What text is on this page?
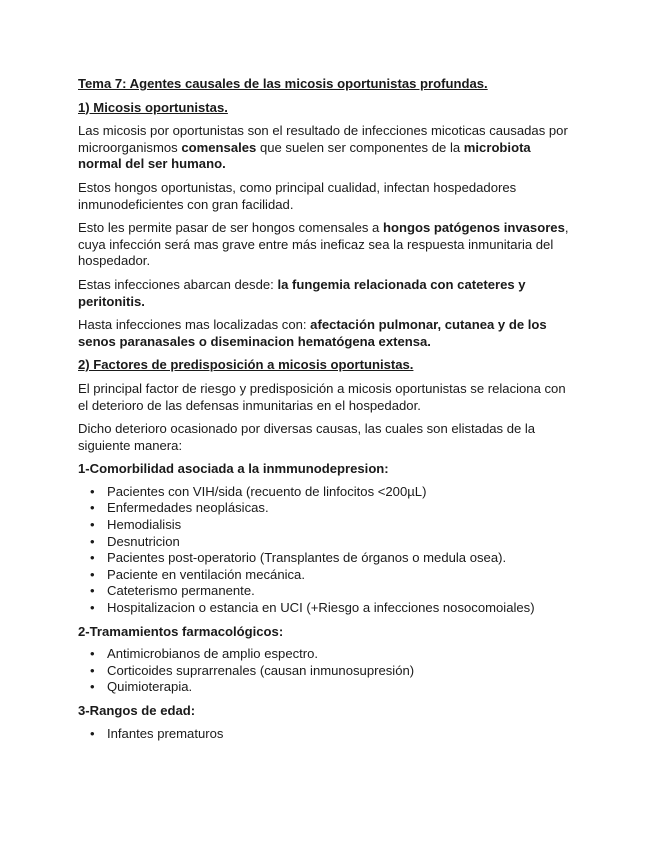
Tema 7: Agentes causales de las micosis oportunistas profundas.
1) Micosis oportunistas.

Las micosis por oportunistas son el resultado de infecciones micoticas causadas por microorganismos comensales que suelen ser componentes de la microbiota normal del ser humano.

Estos hongos oportunistas, como principal cualidad, infectan hospedadores inmunodeficientes con gran facilidad.

Esto les permite pasar de ser hongos comensales a hongos patógenos invasores, cuya infección será mas grave entre más ineficaz sea la respuesta inmunitaria del hospedador.

Estas infecciones abarcan desde: la fungemia relacionada con cateteres y peritonitis.

Hasta infecciones mas localizadas con: afectación pulmonar, cutanea y de los senos paranasales o diseminacion hematógena extensa.

2) Factores de predisposición a micosis oportunistas.

El principal factor de riesgo y predisposición a micosis oportunistas se relaciona con el deterioro de las defensas inmunitarias en el hospedador.

Dicho deterioro ocasionado por diversas causas, las cuales son elistadas de la siguiente manera:

1-Comorbilidad asociada a la inmmunodepresion:
• Pacientes con VIH/sida (recuento de linfocitos <200µL)
• Enfermedades neoplásicas.
• Hemodialisis
• Desnutricion
• Pacientes post-operatorio (Transplantes de órganos o medula osea).
• Paciente en ventilación mecánica.
• Cateterismo permanente.
• Hospitalizacion o estancia en UCI (+Riesgo a infecciones nosocomoiales)
2-Tramamientos farmacológicos:
• Antimicrobianos de amplio espectro.
• Corticoides suprarrenales (causan inmunosupresión)
• Quimioterapia.
3-Rangos de edad:
• Infantes prematuros
